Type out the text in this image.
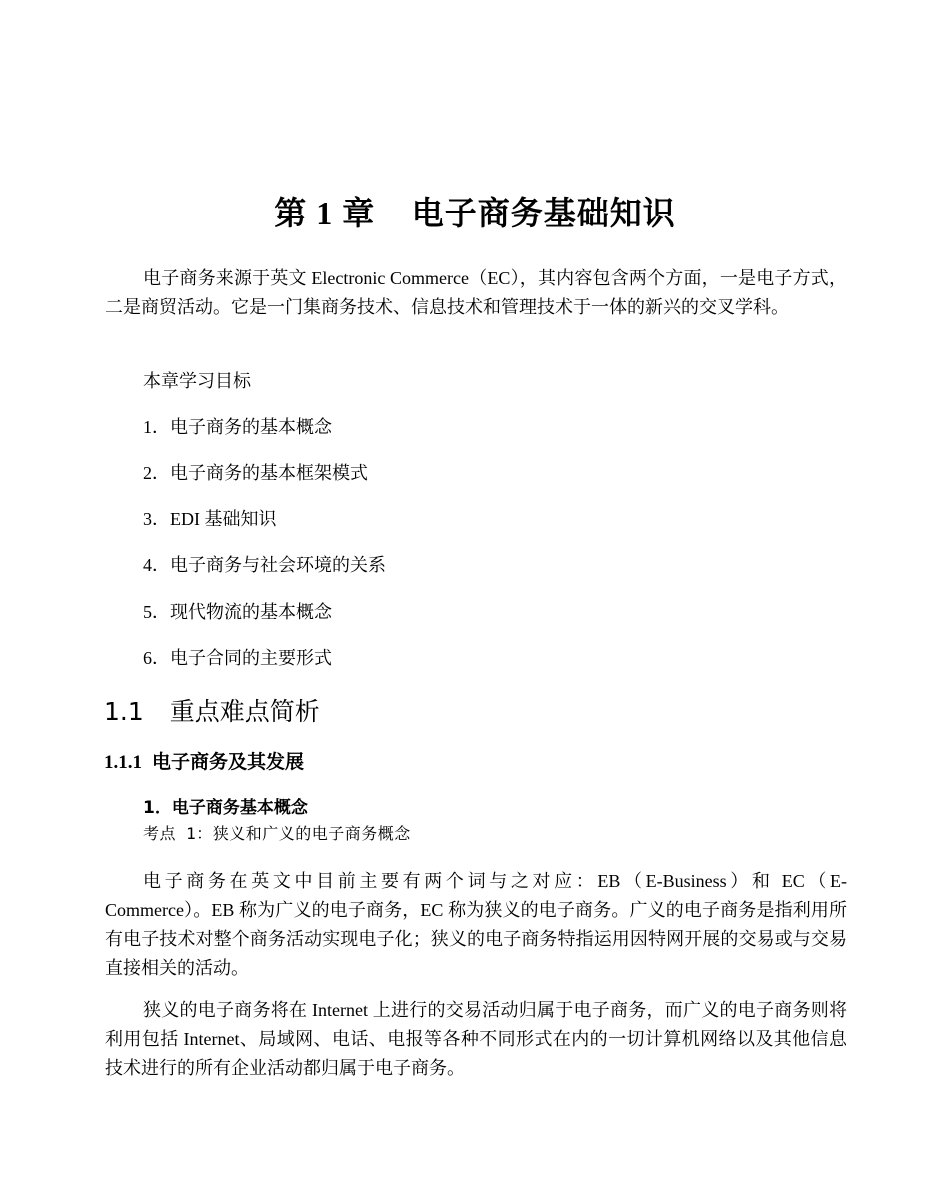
第 1 章 电子商务基础知识

电子商务来源于英文 Electronic Commerce（EC），其内容包含两个方面，一是电子方式，二是商贸活动。它是一门集商务技术、信息技术和管理技术于一体的新兴的交叉学科。

本章学习目标

1．电子商务的基本概念

2．电子商务的基本框架模式

3．EDI 基础知识

4．电子商务与社会环境的关系

5．现代物流的基本概念

6．电子合同的主要形式

1.1 重点难点简析
1.1.1 电子商务及其发展
1．电子商务基本概念

考点 1：狭义和广义的电子商务概念

电子商务在英文中目前主要有两个词与之对应：EB（E-Business）和 EC（E-Commerce）。EB 称为广义的电子商务，EC 称为狭义的电子商务。广义的电子商务是指利用所有电子技术对整个商务活动实现电子化；狭义的电子商务特指运用因特网开展的交易或与交易直接相关的活动。

狭义的电子商务将在 Internet 上进行的交易活动归属于电子商务，而广义的电子商务则将利用包括 Internet、局域网、电话、电报等各种不同形式在内的一切计算机网络以及其他信息技术进行的所有企业活动都归属于电子商务。
